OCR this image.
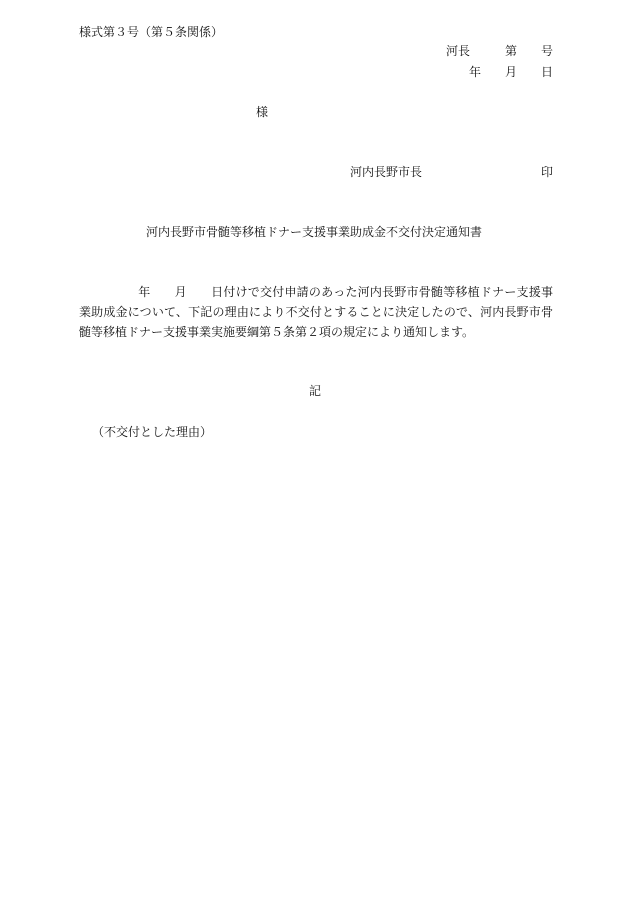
様式第３号（第５条関係）
河長	第 号
年 月 日
様
河内長野市長	印
河内長野市骨髄等移植ドナー支援事業助成金不交付決定通知書
年 月 日付けで交付申請のあった河内長野市骨髄等移植ドナー支援事業助成金について、下記の理由により不交付とすることに決定したので、河内長野市骨髄等移植ドナー支援事業実施要綱第５条第２項の規定により通知します。
記
（不交付とした理由）
